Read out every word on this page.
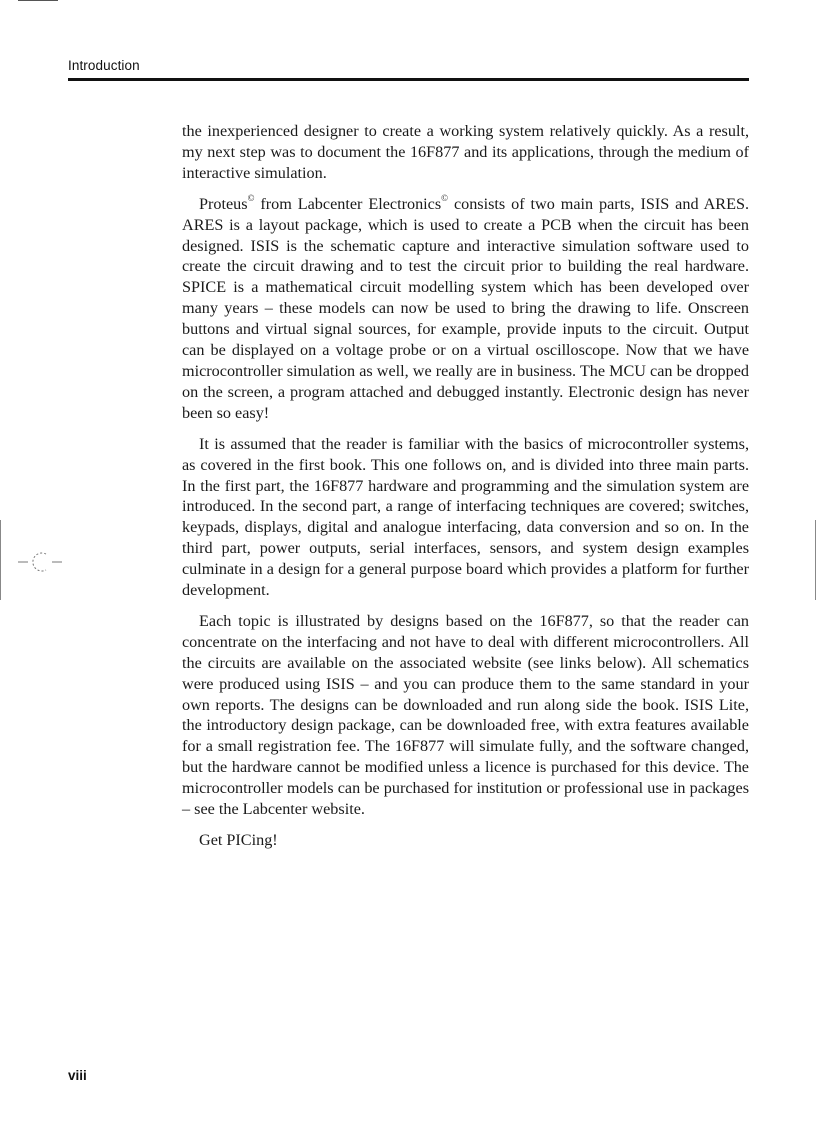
Introduction

the inexperienced designer to create a working system relatively quickly. As a result, my next step was to document the 16F877 and its applications, through the medium of interactive simulation.

Proteus© from Labcenter Electronics© consists of two main parts, ISIS and ARES. ARES is a layout package, which is used to create a PCB when the circuit has been designed. ISIS is the schematic capture and interactive simulation software used to create the circuit drawing and to test the circuit prior to building the real hardware. SPICE is a mathematical circuit modelling system which has been developed over many years – these models can now be used to bring the drawing to life. Onscreen buttons and virtual signal sources, for example, provide inputs to the circuit. Output can be displayed on a voltage probe or on a virtual oscilloscope. Now that we have microcontroller simulation as well, we really are in business. The MCU can be dropped on the screen, a program attached and debugged instantly. Electronic design has never been so easy!

It is assumed that the reader is familiar with the basics of microcontroller systems, as covered in the first book. This one follows on, and is divided into three main parts. In the first part, the 16F877 hardware and programming and the simulation system are introduced. In the second part, a range of interfacing techniques are covered; switches, keypads, displays, digital and analogue interfacing, data conversion and so on. In the third part, power outputs, serial interfaces, sensors, and system design examples culminate in a design for a general purpose board which provides a platform for further development.

Each topic is illustrated by designs based on the 16F877, so that the reader can concentrate on the interfacing and not have to deal with different microcontrollers. All the circuits are available on the associated website (see links below). All schematics were produced using ISIS – and you can produce them to the same standard in your own reports. The designs can be downloaded and run along side the book. ISIS Lite, the introductory design package, can be downloaded free, with extra features available for a small registration fee. The 16F877 will simulate fully, and the software changed, but the hardware cannot be modified unless a licence is purchased for this device. The microcontroller models can be purchased for institution or professional use in packages – see the Labcenter website.

Get PICing!

viii
